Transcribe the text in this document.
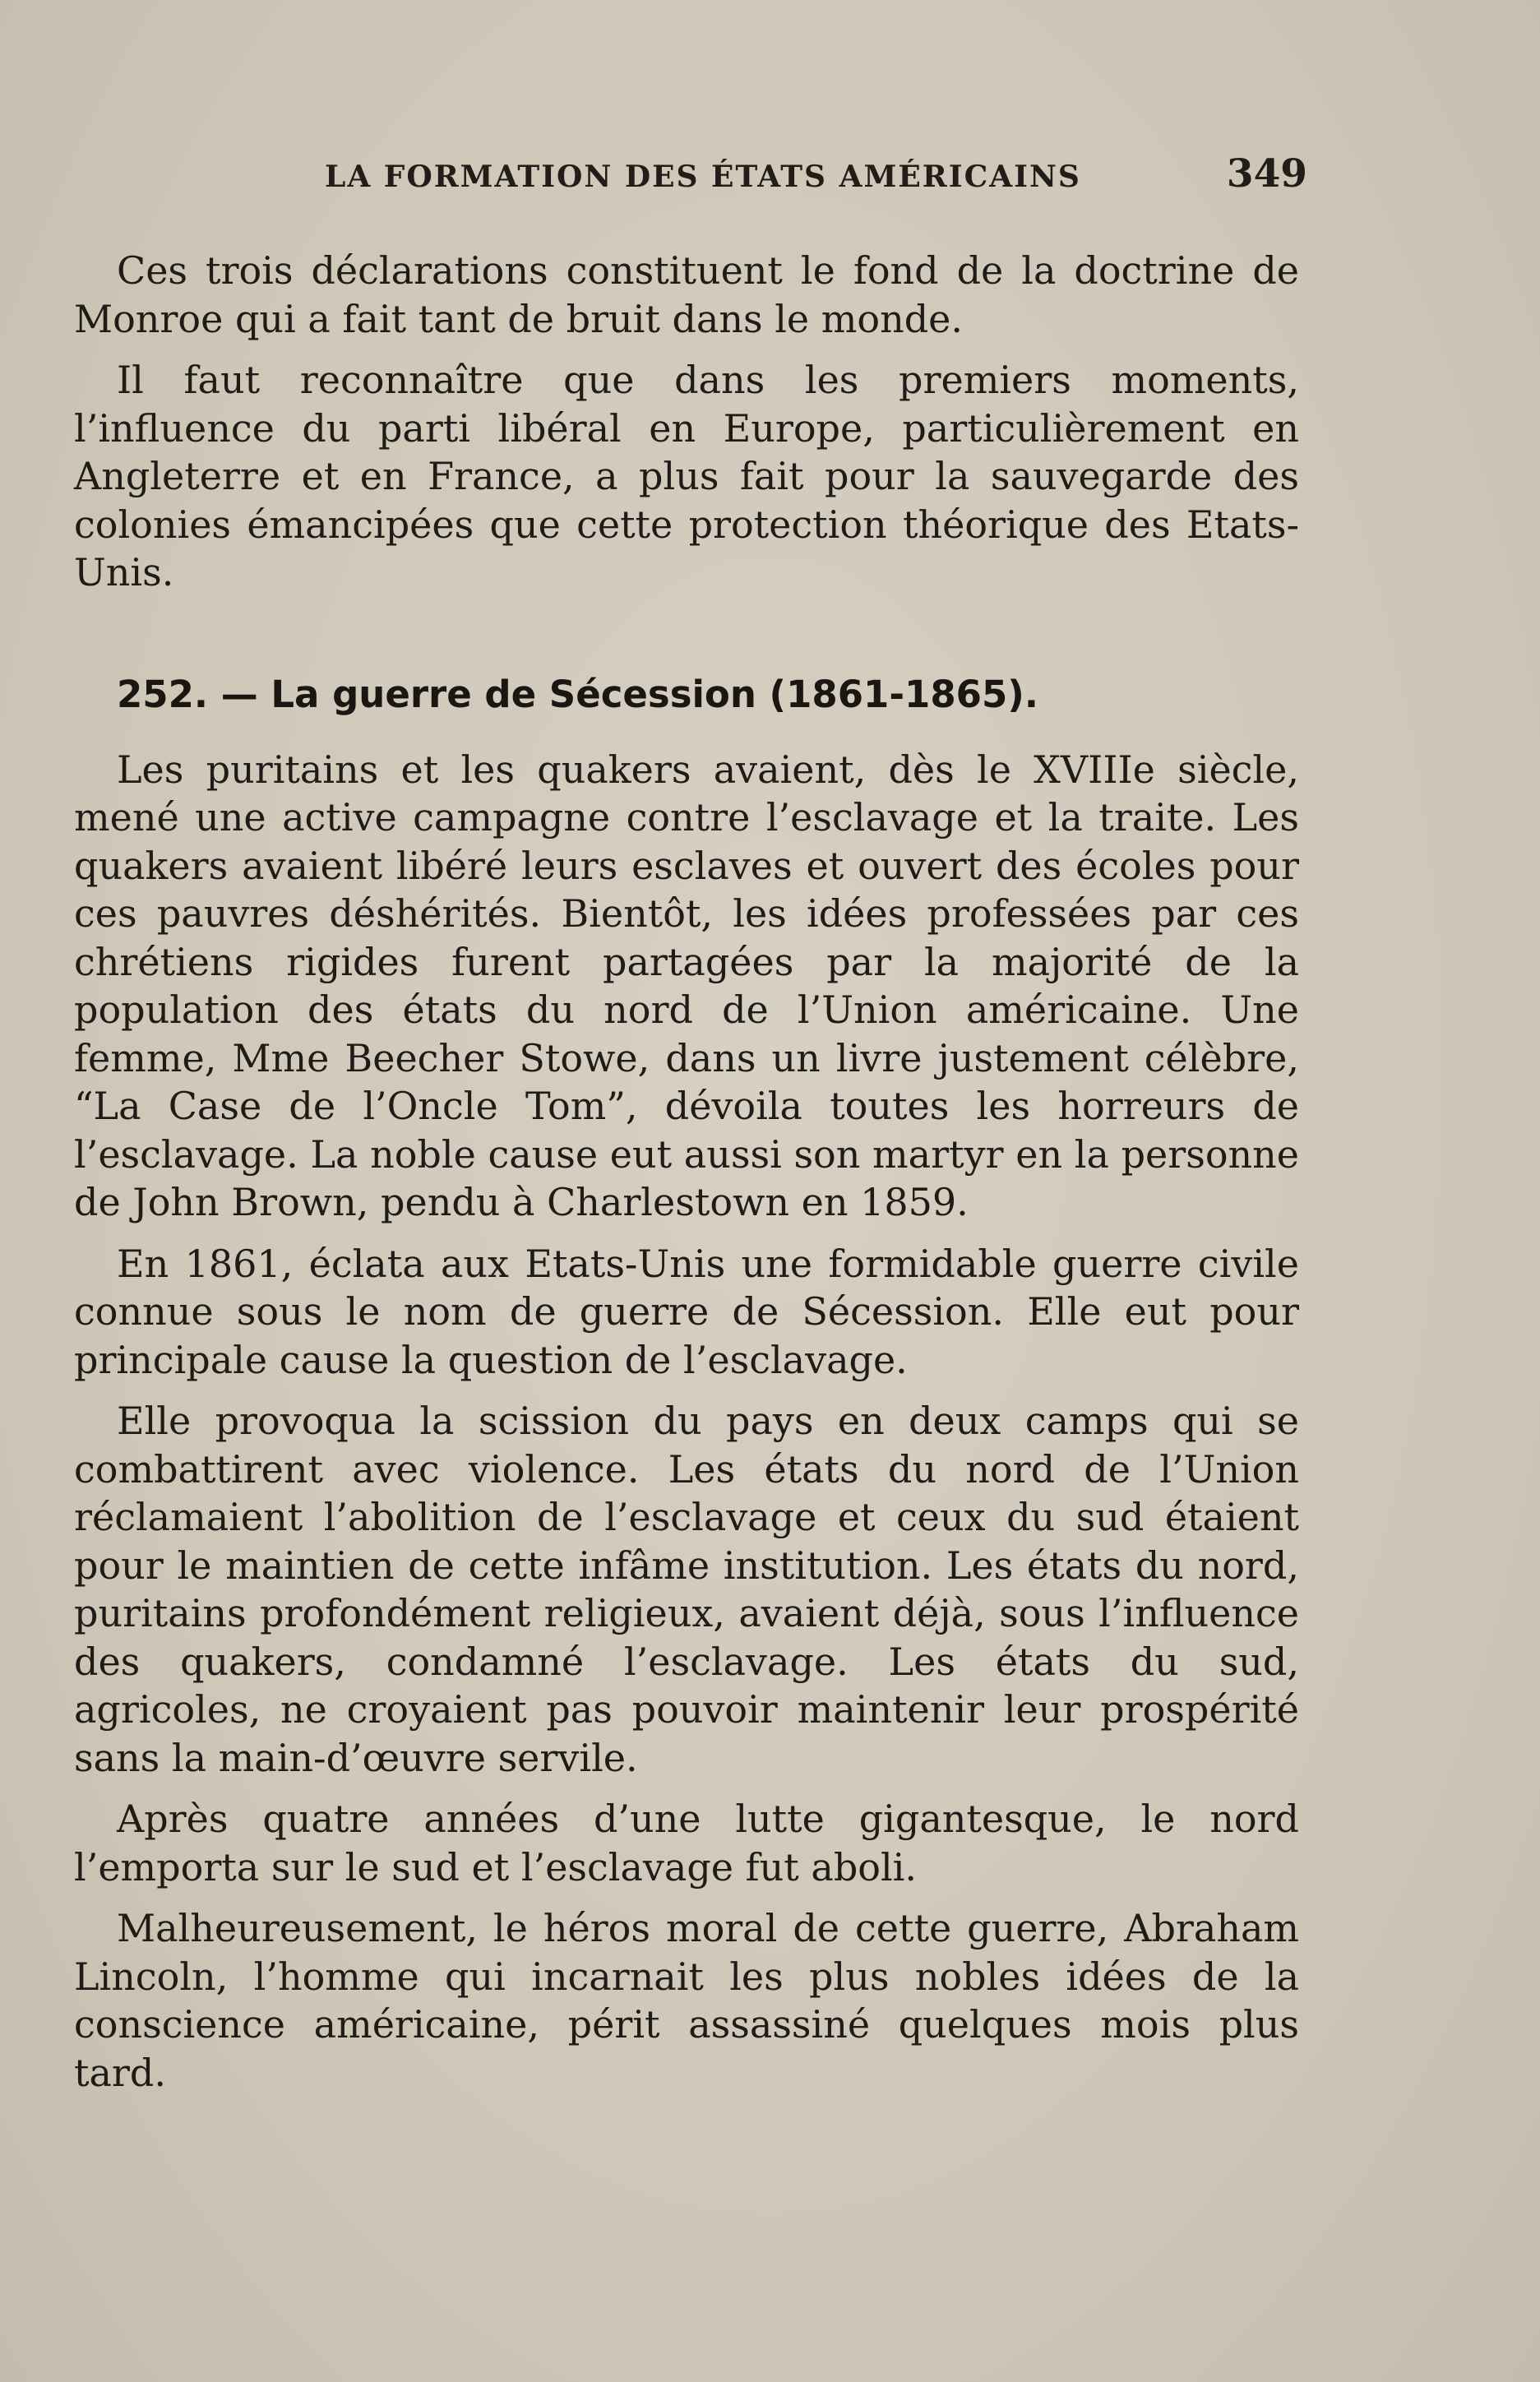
LA FORMATION DES ÉTATS AMÉRICAINS	349

Ces trois déclarations constituent le fond de la doctrine de Monroe qui a fait tant de bruit dans le monde.

Il faut reconnaître que dans les premiers moments, l’influence du parti libéral en Europe, particulièrement en Angleterre et en France, a plus fait pour la sauvegarde des colonies émancipées que cette protection théorique des Etats-Unis.

252. — La guerre de Sécession (1861-1865).

Les puritains et les quakers avaient, dès le XVIIIe siècle, mené une active campagne contre l’esclavage et la traite. Les quakers avaient libéré leurs esclaves et ouvert des écoles pour ces pauvres déshérités. Bientôt, les idées professées par ces chrétiens rigides furent partagées par la majorité de la population des états du nord de l’Union américaine. Une femme, Mme Beecher Stowe, dans un livre justement célèbre, “La Case de l’Oncle Tom”, dévoila toutes les horreurs de l’esclavage. La noble cause eut aussi son martyr en la personne de John Brown, pendu à Charlestown en 1859.

En 1861, éclata aux Etats-Unis une formidable guerre civile connue sous le nom de guerre de Sécession. Elle eut pour principale cause la question de l’esclavage.

Elle provoqua la scission du pays en deux camps qui se combattirent avec violence. Les états du nord de l’Union réclamaient l’abolition de l’esclavage et ceux du sud étaient pour le maintien de cette infâme institution. Les états du nord, puritains profondément religieux, avaient déjà, sous l’influence des quakers, condamné l’esclavage. Les états du sud, agricoles, ne croyaient pas pouvoir maintenir leur prospérité sans la main-d’œuvre servile.

Après quatre années d’une lutte gigantesque, le nord l’emporta sur le sud et l’esclavage fut aboli.

Malheureusement, le héros moral de cette guerre, Abraham Lincoln, l’homme qui incarnait les plus nobles idées de la conscience américaine, périt assassiné quelques mois plus tard.
